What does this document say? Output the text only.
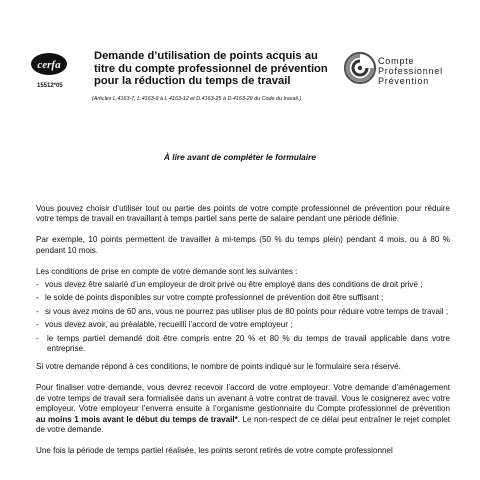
cerfa
15512*05
Demande d’utilisation de points acquis au
titre du compte professionnel de prévention
pour la réduction du temps de travail
(Articles L.4163-7, L.4163-9 à L.4163-12 et D.4163-25 à D.4163-29 du Code du travail.)
Compte
Professionnel
Prévention
À lire avant de compléter le formulaire

Vous pouvez choisir d’utiliser tout ou partie des points de votre compte professionnel de prévention pour réduire votre temps de travail en travaillant à temps partiel sans perte de salaire pendant une période définie.

Par exemple, 10 points permettent de travailler à mi-temps (50 % du temps plein) pendant 4 mois, ou à 80 % pendant 10 mois.

Les conditions de prise en compte de votre demande sont les suivantes :

- vous devez être salarié d’un employeur de droit privé ou être employé dans des conditions de droit privé ;
- le solde de points disponibles sur votre compte professionnel de prévention doit être suffisant ;
- si vous avez moins de 60 ans, vous ne pourrez pas utiliser plus de 80 points pour réduire votre temps de travail ;
- vous devez avoir, au préalable, recueilli l’accord de votre employeur ;
- le temps partiel demandé doit être compris entre 20 % et 80 % du temps de travail applicable dans votre entreprise.

Si votre demande répond à ces conditions, le nombre de points indiqué sur le formulaire sera réservé.

Pour finaliser votre demande, vous devrez recevoir l’accord de votre employeur. Votre demande d’aménagement de votre temps de travail sera formalisée dans un avenant à votre contrat de travail. Vous le cosignerez avec votre employeur. Votre employeur l’enverra ensuite à l’organisme gestionnaire du Compte professionnel de prévention au moins 1 mois avant le début du temps de travail*. Le non-respect de ce délai peut entraîner le rejet complet de votre demande.

Une fois la période de temps partiel réalisée, les points seront retirés de votre compte professionnel
